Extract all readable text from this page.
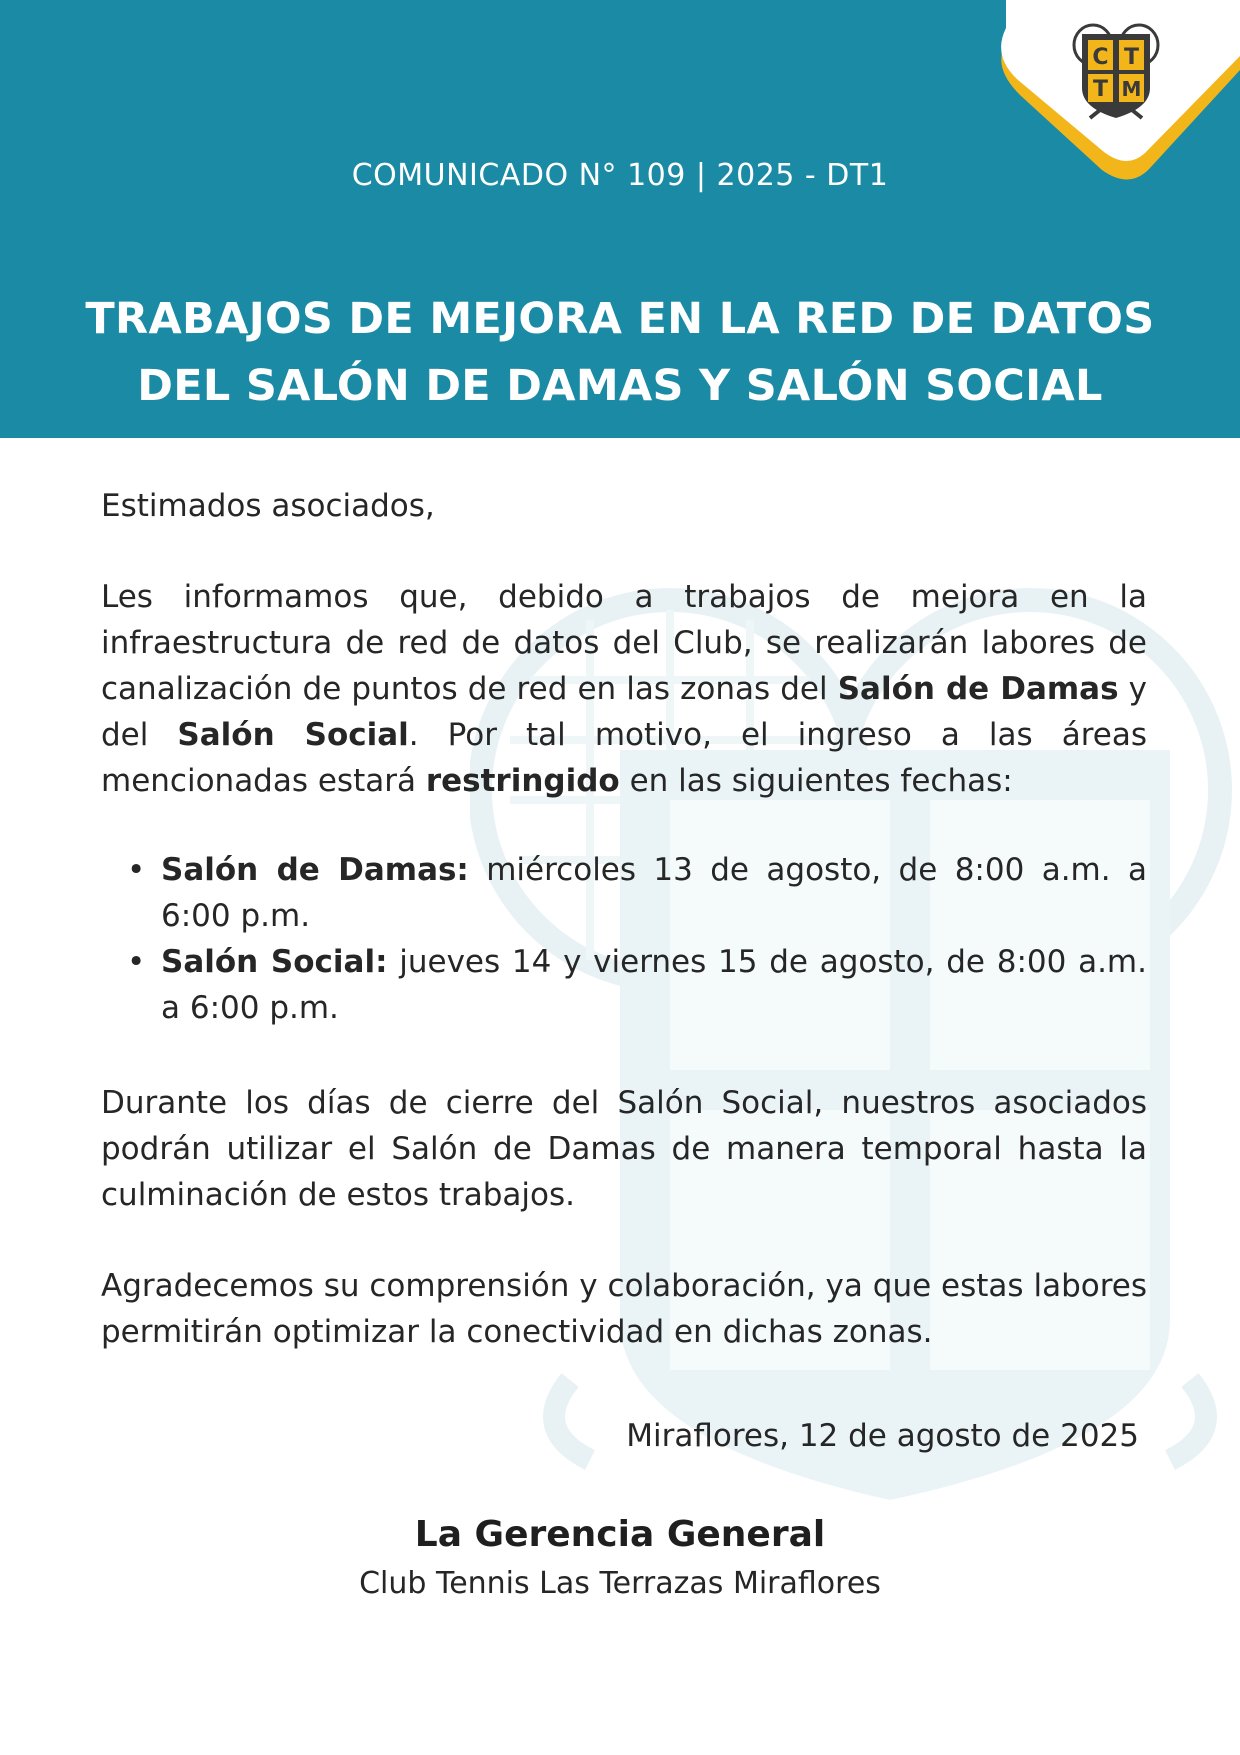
COMUNICADO N° 109 | 2025 - DT1
TRABAJOS DE MEJORA EN LA RED DE DATOS
DEL SALÓN DE DAMAS Y SALÓN SOCIAL
C T
T M
Estimados asociados,
Les informamos que, debido a trabajos de mejora en la infraestructura de red de datos del Club, se realizarán labores de canalización de puntos de red en las zonas del Salón de Damas y del Salón Social. Por tal motivo, el ingreso a las áreas mencionadas estará restringido en las siguientes fechas:
• Salón de Damas: miércoles 13 de agosto, de 8:00 a.m. a 6:00 p.m.
• Salón Social: jueves 14 y viernes 15 de agosto, de 8:00 a.m. a 6:00 p.m.
Durante los días de cierre del Salón Social, nuestros asociados podrán utilizar el Salón de Damas de manera temporal hasta la culminación de estos trabajos.
Agradecemos su comprensión y colaboración, ya que estas labores permitirán optimizar la conectividad en dichas zonas.
Miraflores, 12 de agosto de 2025
La Gerencia General
Club Tennis Las Terrazas Miraflores
